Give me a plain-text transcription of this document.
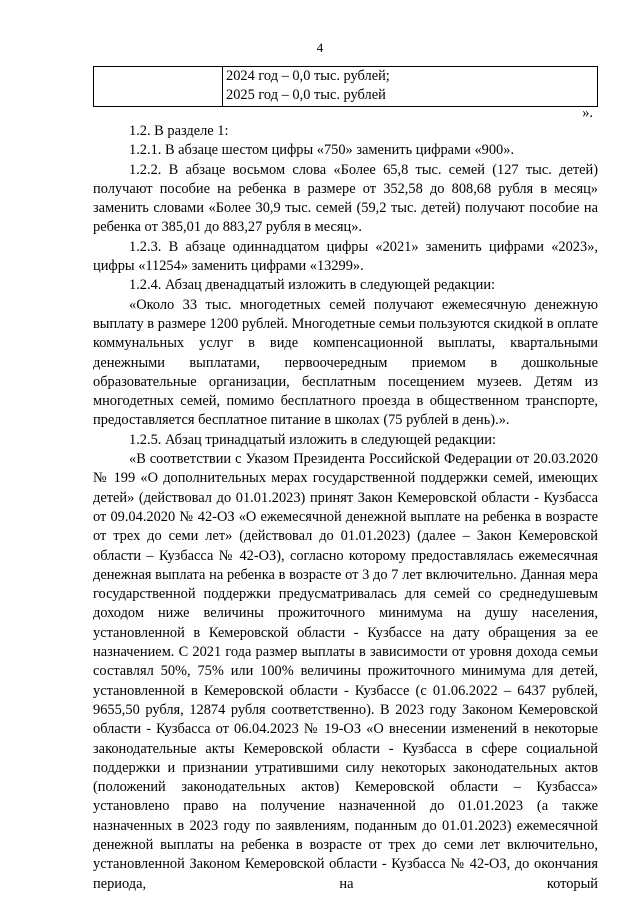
4

2024 год – 0,0 тыс. рублей;
2025 год – 0,0 тыс. рублей
».

1.2. В разделе 1:

1.2.1. В абзаце шестом цифры «750» заменить цифрами «900».

1.2.2. В абзаце восьмом слова «Более 65,8 тыс. семей (127 тыс. детей) получают пособие на ребенка в размере от 352,58 до 808,68 рубля в месяц» заменить словами «Более 30,9 тыс. семей (59,2 тыс. детей) получают пособие на ребенка от 385,01 до 883,27 рубля в месяц».

1.2.3. В абзаце одиннадцатом цифры «2021» заменить цифрами «2023», цифры «11254» заменить цифрами «13299».

1.2.4. Абзац двенадцатый изложить в следующей редакции:

«Около 33 тыс. многодетных семей получают ежемесячную денежную выплату в размере 1200 рублей. Многодетные семьи пользуются скидкой в оплате коммунальных услуг в виде компенсационной выплаты, квартальными денежными выплатами, первоочередным приемом в дошкольные образовательные организации, бесплатным посещением музеев. Детям из многодетных семей, помимо бесплатного проезда в общественном транспорте, предоставляется бесплатное питание в школах (75 рублей в день).».

1.2.5. Абзац тринадцатый изложить в следующей редакции:

«В соответствии с Указом Президента Российской Федерации от 20.03.2020 № 199 «О дополнительных мерах государственной поддержки семей, имеющих детей» (действовал до 01.01.2023) принят Закон Кемеровской области - Кузбасса от 09.04.2020 № 42-ОЗ «О ежемесячной денежной выплате на ребенка в возрасте от трех до семи лет» (действовал до 01.01.2023) (далее – Закон Кемеровской области – Кузбасса № 42-ОЗ), согласно которому предоставлялась ежемесячная денежная выплата на ребенка в возрасте от 3 до 7 лет включительно. Данная мера государственной поддержки предусматривалась для семей со среднедушевым доходом ниже величины прожиточного минимума на душу населения, установленной в Кемеровской области - Кузбассе на дату обращения за ее назначением. С 2021 года размер выплаты в зависимости от уровня дохода семьи составлял 50%, 75% или 100% величины прожиточного минимума для детей, установленной в Кемеровской области - Кузбассе (с 01.06.2022 – 6437 рублей, 9655,50 рубля, 12874 рубля соответственно). В 2023 году Законом Кемеровской области - Кузбасса от 06.04.2023 № 19-ОЗ «О внесении изменений в некоторые законодательные акты Кемеровской области - Кузбасса в сфере социальной поддержки и признании утратившими силу некоторых законодательных актов (положений законодательных актов) Кемеровской области – Кузбасса» установлено право на получение назначенной до 01.01.2023 (а также назначенных в 2023 году по заявлениям, поданным до 01.01.2023) ежемесячной денежной выплаты на ребенка в возрасте от трех до семи лет включительно, установленной Законом Кемеровской области - Кузбасса № 42-ОЗ, до окончания периода, на который
